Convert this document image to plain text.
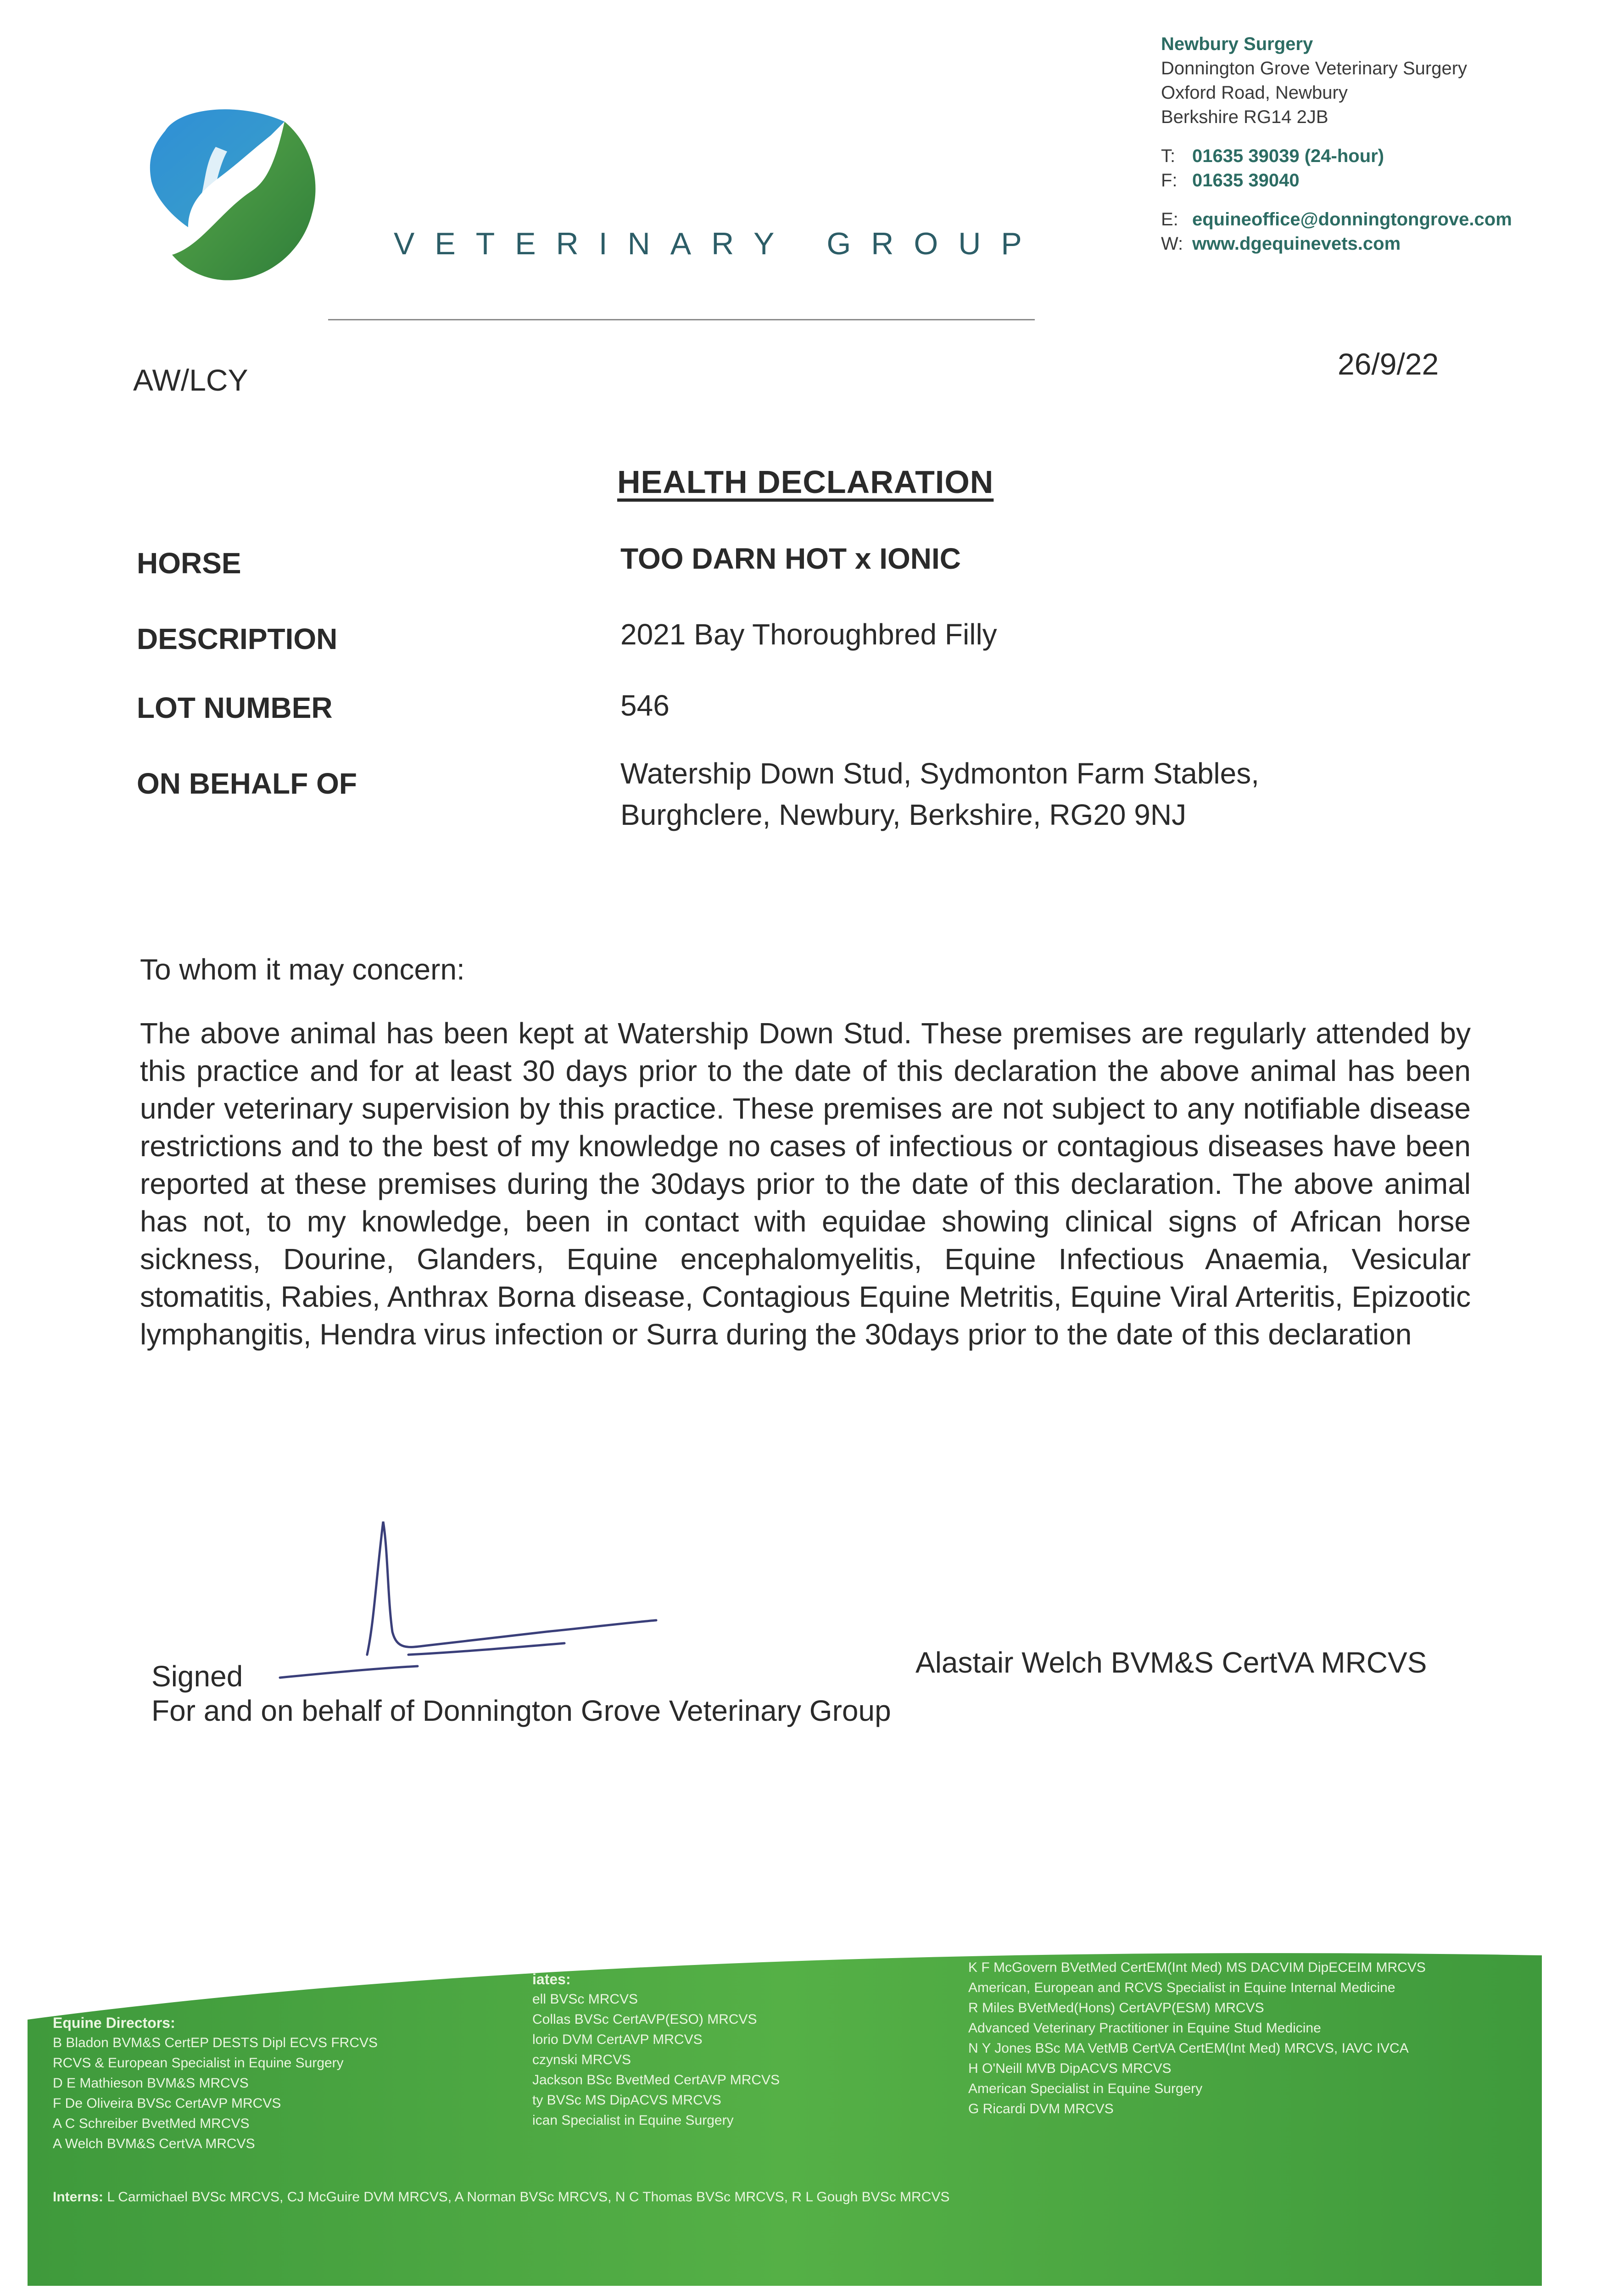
VETERINARY GROUP
Newbury Surgery
Donnington Grove Veterinary Surgery
Oxford Road, Newbury
Berkshire RG14 2JB
T: 01635 39039 (24-hour)
F: 01635 39040
E: equineoffice@donningtongrove.com
W: www.dgequinevets.com
AW/LCY	26/9/22
HEALTH DECLARATION
HORSE	TOO DARN HOT x IONIC
DESCRIPTION	2021 Bay Thoroughbred Filly
LOT NUMBER	546
ON BEHALF OF	Watership Down Stud, Sydmonton Farm Stables,
Burghclere, Newbury, Berkshire, RG20 9NJ
To whom it may concern:
The above animal has been kept at Watership Down Stud. These premises are regularly attended by this practice and for at least 30 days prior to the date of this declaration the above animal has been under veterinary supervision by this practice. These premises are not subject to any notifiable disease restrictions and to the best of my knowledge no cases of infectious or contagious diseases have been reported at these premises during the 30days prior to the date of this declaration. The above animal has not, to my knowledge, been in contact with equidae showing clinical signs of African horse sickness, Dourine, Glanders, Equine encephalomyelitis, Equine Infectious Anaemia, Vesicular stomatitis, Rabies, Anthrax Borna disease, Contagious Equine Metritis, Equine Viral Arteritis, Epizootic lymphangitis, Hendra virus infection or Surra during the 30days prior to the date of this declaration
Signed
For and on behalf of Donnington Grove Veterinary Group
Alastair Welch BVM&S CertVA MRCVS
Equine Directors:
B Bladon BVM&S CertEP DESTS Dipl ECVS FRCVS
RCVS & European Specialist in Equine Surgery
D E Mathieson BVM&S MRCVS
F De Oliveira BVSc CertAVP MRCVS
A C Schreiber BvetMed MRCVS
A Welch BVM&S CertVA MRCVS
iates:
ell BVSc MRCVS
Collas BVSc CertAVP(ESO) MRCVS
lorio DVM CertAVP MRCVS
czynski MRCVS
Jackson BSc BvetMed CertAVP MRCVS
ty BVSc MS DipACVS MRCVS
ican Specialist in Equine Surgery
K F McGovern BVetMed CertEM(Int Med) MS DACVIM DipECEIM MRCVS
American, European and RCVS Specialist in Equine Internal Medicine
R Miles BVetMed(Hons) CertAVP(ESM) MRCVS
Advanced Veterinary Practitioner in Equine Stud Medicine
N Y Jones BSc MA VetMB CertVA CertEM(Int Med) MRCVS, IAVC IVCA
H O'Neill MVB DipACVS MRCVS
American Specialist in Equine Surgery
G Ricardi DVM MRCVS
Interns: L Carmichael BVSc MRCVS, CJ McGuire DVM MRCVS, A Norman BVSc MRCVS, N C Thomas BVSc MRCVS, R L Gough BVSc MRCVS
